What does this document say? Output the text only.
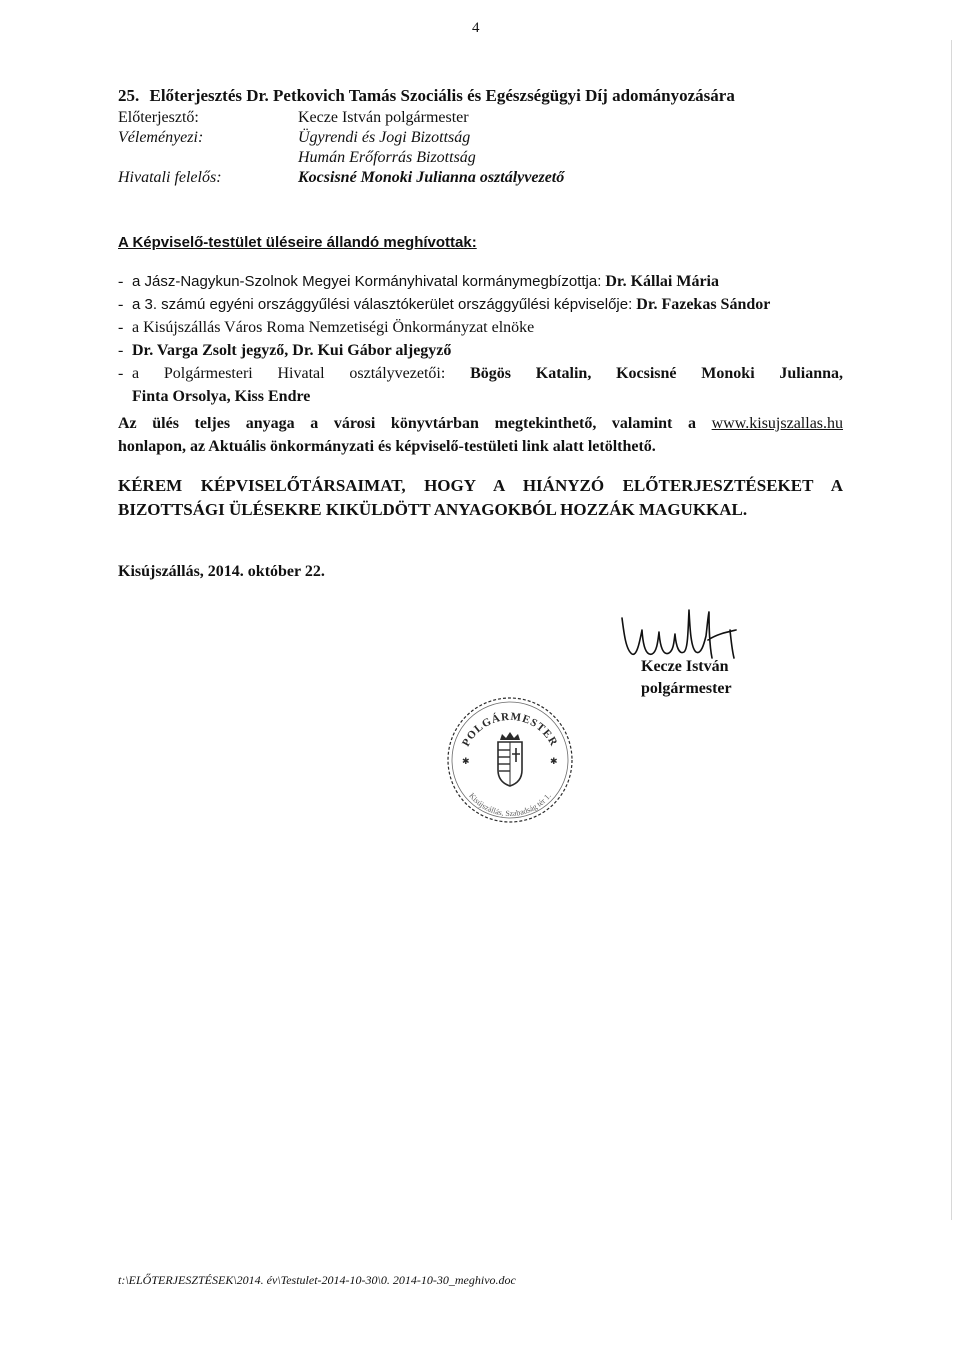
4
25. Előterjesztés Dr. Petkovich Tamás Szociális és Egészségügyi Díj adományozására
Előterjesztő:	Kecze István polgármester
Véleményezi:	Ügyrendi és Jogi Bizottság
Humán Erőforrás Bizottság
Hivatali felelős:	Kocsisné Monoki Julianna osztályvezető
A Képviselő-testület üléseire állandó meghívottak:
- a Jász-Nagykun-Szolnok Megyei Kormányhivatal kormánymegbízottja: Dr. Kállai Mária
- a 3. számú egyéni országgyűlési választókerület országgyűlési képviselője: Dr. Fazekas Sándor
- a Kisújszállás Város Roma Nemzetiségi Önkormányzat elnöke
- Dr. Varga Zsolt jegyző, Dr. Kui Gábor aljegyző
- a Polgármesteri Hivatal osztályvezetői: Bögös Katalin, Kocsisné Monoki Julianna,
Finta Orsolya, Kiss Endre
Az ülés teljes anyaga a városi könyvtárban megtekinthető, valamint a www.kisujszallas.hu
honlapon, az Aktuális önkormányzati és képviselő-testületi link alatt letölthető.
KÉREM KÉPVISELŐTÁRSAIMAT, HOGY A HIÁNYZÓ ELŐTERJESZTÉSEKET A
BIZOTTSÁGI ÜLÉSEKRE KIKÜLDÖTT ANYAGOKBÓL HOZZÁK MAGUKKAL.
Kisújszállás, 2014. október 22.
Kecze István
polgármester
POLGÁRMESTER
Kisújszállás, Szabadság tér 1.
✱	✱
t:\ELŐTERJESZTÉSEK\2014. év\Testulet-2014-10-30\0. 2014-10-30_meghivo.doc
